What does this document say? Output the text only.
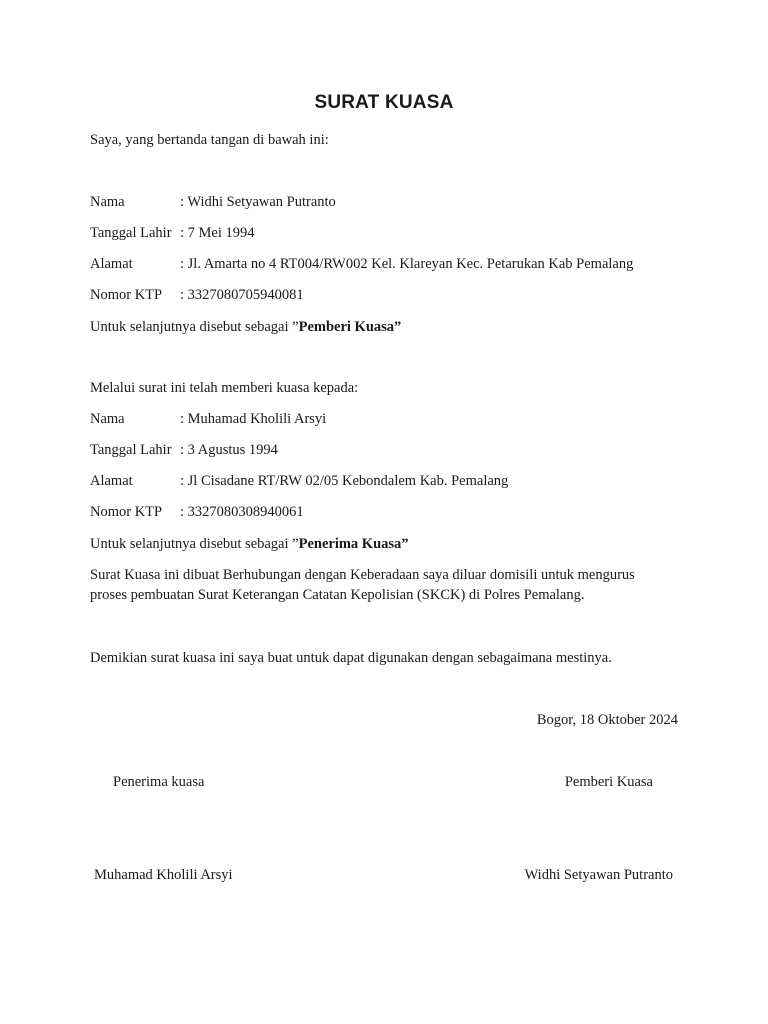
SURAT KUASA
Saya, yang bertanda tangan di bawah ini:
Nama	: Widhi Setyawan Putranto
Tanggal Lahir : 7 Mei 1994
Alamat	: Jl. Amarta no 4 RT004/RW002 Kel. Klareyan Kec. Petarukan Kab Pemalang
Nomor KTP : 3327080705940081
Untuk selanjutnya disebut sebagai ”Pemberi Kuasa”
Melalui surat ini telah memberi kuasa kepada:
Nama	: Muhamad Kholili Arsyi
Tanggal Lahir : 3 Agustus 1994
Alamat	: Jl Cisadane RT/RW 02/05 Kebondalem Kab. Pemalang
Nomor KTP : 3327080308940061
Untuk selanjutnya disebut sebagai ”Penerima Kuasa”
Surat Kuasa ini dibuat Berhubungan dengan Keberadaan saya diluar domisili untuk mengurus proses pembuatan Surat Keterangan Catatan Kepolisian (SKCK) di Polres Pemalang.
Demikian surat kuasa ini saya buat untuk dapat digunakan dengan sebagaimana mestinya.
Bogor, 18 Oktober 2024
Penerima kuasa	Pemberi Kuasa
Muhamad Kholili Arsyi	Widhi Setyawan Putranto
